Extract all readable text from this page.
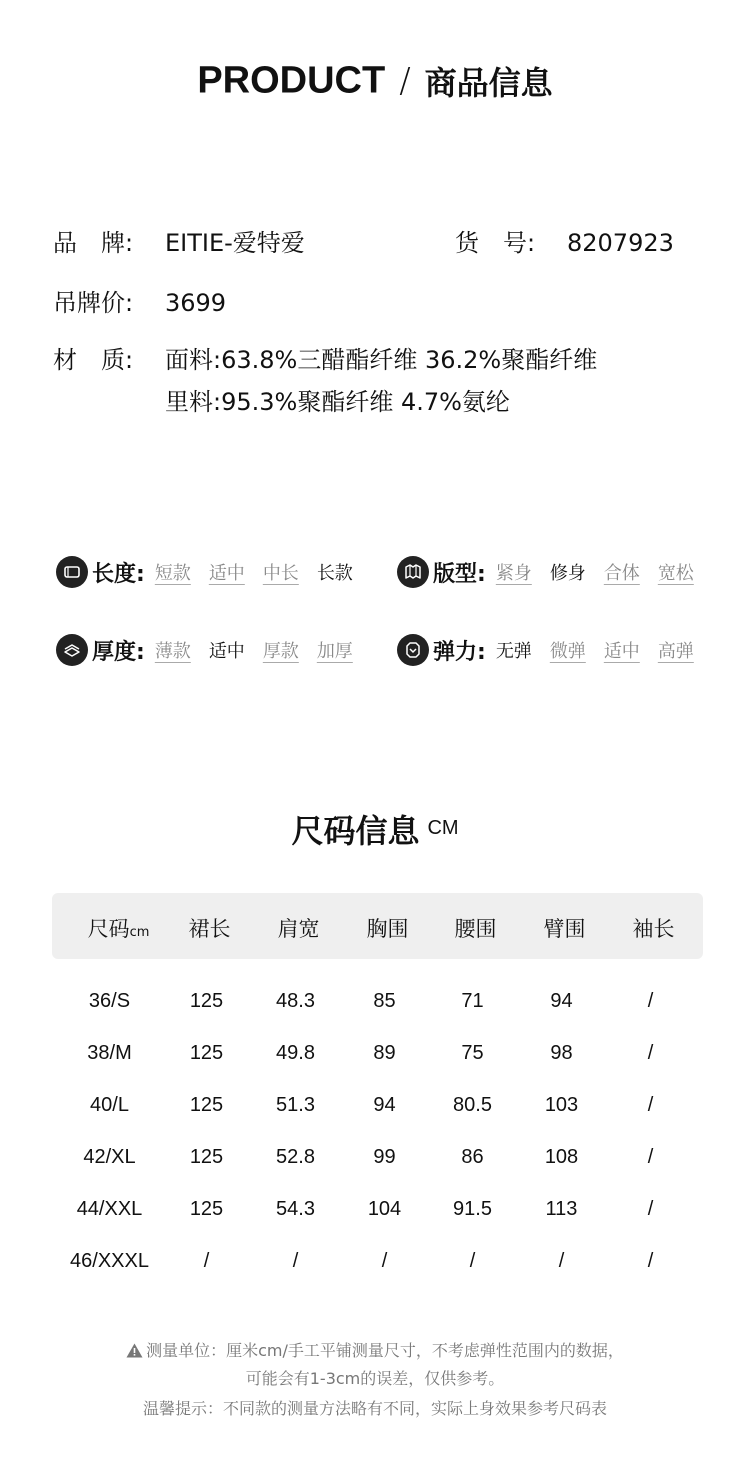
PRODUCT / 商品信息
品　牌: EITIE-爱特爱	货　号: 8207923
吊牌价: 3699
材　质: 面料:63.8%三醋酯纤维 36.2%聚酯纤维
里料:95.3%聚酯纤维 4.7%氨纶
长度: 短款 适中 中长 长款	版型: 紧身 修身 合体 宽松
厚度: 薄款 适中 厚款 加厚	弹力: 无弹 微弹 适中 高弹
尺码信息 CM
尺码cm	裙长	肩宽	胸围	腰围	臂围	袖长
36/S	125	48.3	85	71	94	/
38/M	125	49.8	89	75	98	/
40/L	125	51.3	94	80.5	103	/
42/XL	125	52.8	99	86	108	/
44/XXL	125	54.3	104	91.5	113	/
46/XXXL	/	/	/	/	/	/
测量单位：厘米cm/手工平铺测量尺寸，不考虑弹性范围内的数据，
可能会有1-3cm的误差，仅供参考。
温馨提示：不同款的测量方法略有不同，实际上身效果参考尺码表
